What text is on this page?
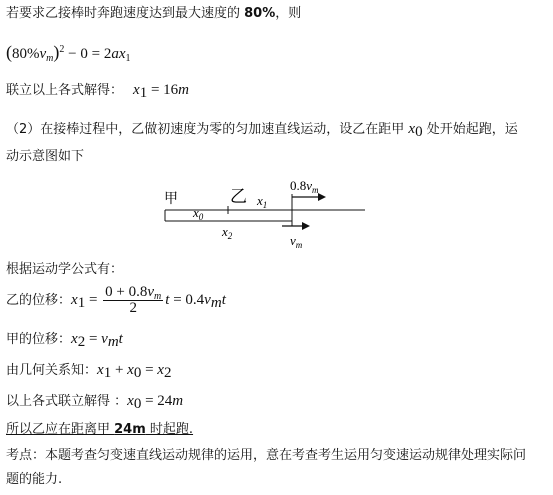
若要求乙接棒时奔跑速度达到最大速度的 80%，则
$(80\%v_m)^2 - 0 = 2ax_1$
联立以上各式解得： $x_1 = 16m$
（2）在接棒过程中，乙做初速度为零的匀加速直线运动，设乙在距甲 $x_0$ 处开始起跑，运
动示意图如下
甲	乙
$x_0$
$x_1$
$x_2$
$0.8v_m$
$v_m$
根据运动学公式有：
乙的位移：$x_1 = \frac{0 + 0.8v_m}{2}$ $t = 0.4v_mt$
甲的位移：$x_2 = v_mt$
由几何关系知：$x_1 + x_0 = x_2$
以上各式联立解得 ：$x_0 = 24m$
所以乙应在距离甲 24m 时起跑.
考点：本题考查匀变速直线运动规律的运用，意在考查考生运用匀变速运动规律处理实际问
题的能力.
